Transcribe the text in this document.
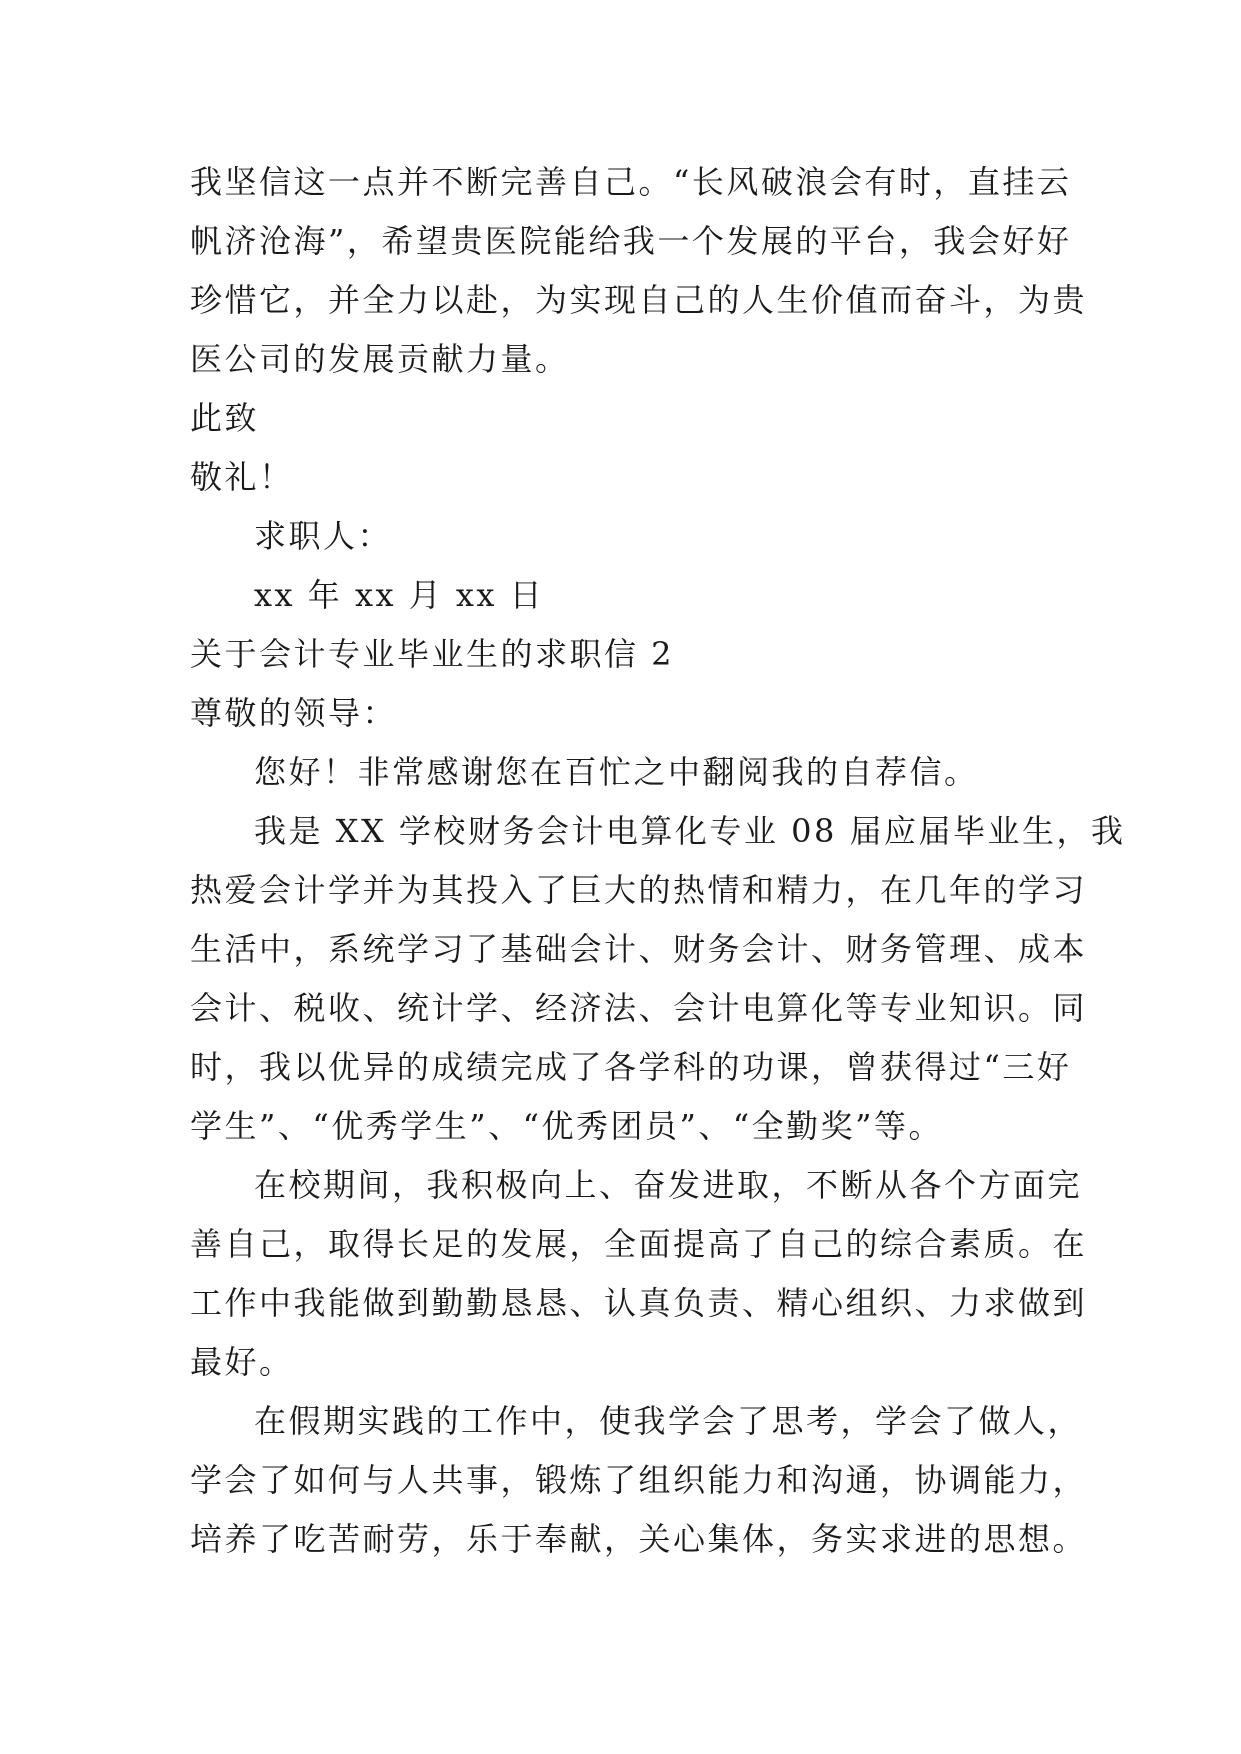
我坚信这一点并不断完善自己。“长风破浪会有时，直挂云
帆济沧海”，希望贵医院能给我一个发展的平台，我会好好
珍惜它，并全力以赴，为实现自己的人生价值而奋斗，为贵
医公司的发展贡献力量。
此致
敬礼！
求职人：
xx 年 xx 月 xx 日
关于会计专业毕业生的求职信 2
尊敬的领导：
您好！非常感谢您在百忙之中翻阅我的自荐信。
我是 XX 学校财务会计电算化专业 08 届应届毕业生，我
热爱会计学并为其投入了巨大的热情和精力，在几年的学习
生活中，系统学习了基础会计、财务会计、财务管理、成本
会计、税收、统计学、经济法、会计电算化等专业知识。同
时，我以优异的成绩完成了各学科的功课，曾获得过“三好
学生”、“优秀学生”、“优秀团员”、“全勤奖”等。
在校期间，我积极向上、奋发进取，不断从各个方面完
善自己，取得长足的发展，全面提高了自己的综合素质。在
工作中我能做到勤勤恳恳、认真负责、精心组织、力求做到
最好。
在假期实践的工作中，使我学会了思考，学会了做人，
学会了如何与人共事，锻炼了组织能力和沟通，协调能力，
培养了吃苦耐劳，乐于奉献，关心集体，务实求进的思想。
